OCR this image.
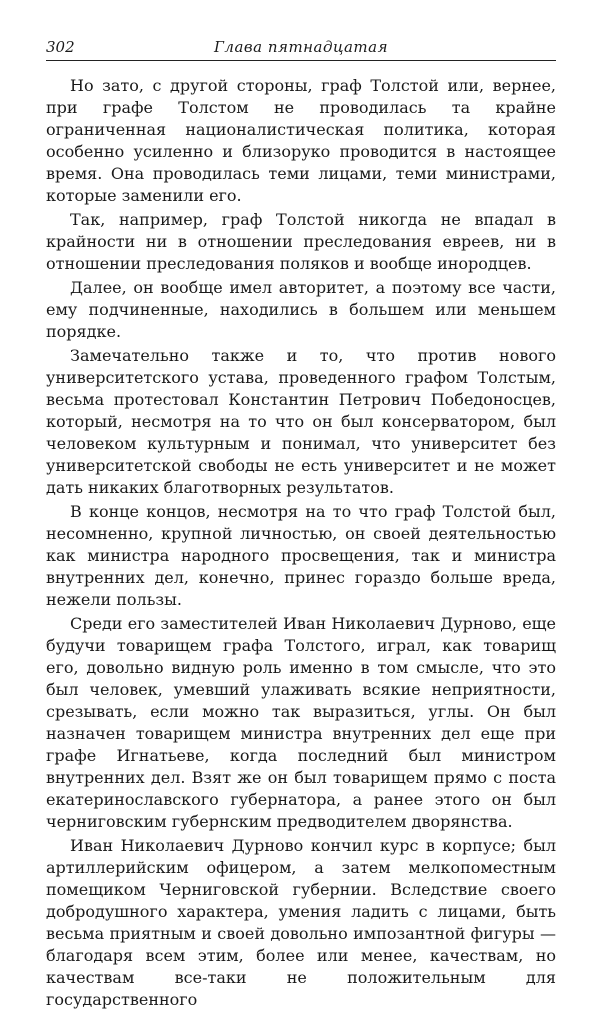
302	Глава пятнадцатая

Но зато, с другой стороны, граф Толстой или, вернее, при графе Толстом не проводилась та крайне ограниченная националистическая политика, которая особенно усиленно и близоруко проводится в настоящее время. Она проводилась теми лицами, теми министрами, которые заменили его.

Так, например, граф Толстой никогда не впадал в крайности ни в отношении преследования евреев, ни в отношении преследования поляков и вообще инородцев.

Далее, он вообще имел авторитет, а поэтому все части, ему подчиненные, находились в большем или меньшем порядке.

Замечательно также и то, что против нового университетского устава, проведенного графом Толстым, весьма протестовал Константин Петрович Победоносцев, который, несмотря на то что он был консерватором, был человеком культурным и понимал, что университет без университетской свободы не есть университет и не может дать никаких благотворных результатов.

В конце концов, несмотря на то что граф Толстой был, несомненно, крупной личностью, он своей деятельностью как министра народного просвещения, так и министра внутренних дел, конечно, принес гораздо больше вреда, нежели пользы.

Среди его заместителей Иван Николаевич Дурново, еще будучи товарищем графа Толстого, играл, как товарищ его, довольно видную роль именно в том смысле, что это был человек, умевший улаживать всякие неприятности, срезывать, если можно так выразиться, углы. Он был назначен товарищем министра внутренних дел еще при графе Игнатьеве, когда последний был министром внутренних дел. Взят же он был товарищем прямо с поста екатеринославского губернатора, а ранее этого он был черниговским губернским предводителем дворянства.

Иван Николаевич Дурново кончил курс в корпусе; был артиллерийским офицером, а затем мелкопоместным помещиком Черниговской губернии. Вследствие своего добродушного характера, умения ладить с лицами, быть весьма приятным и своей довольно импозантной фигуры — благодаря всем этим, более или менее, качествам, но качествам все-таки не положительным для государственного
